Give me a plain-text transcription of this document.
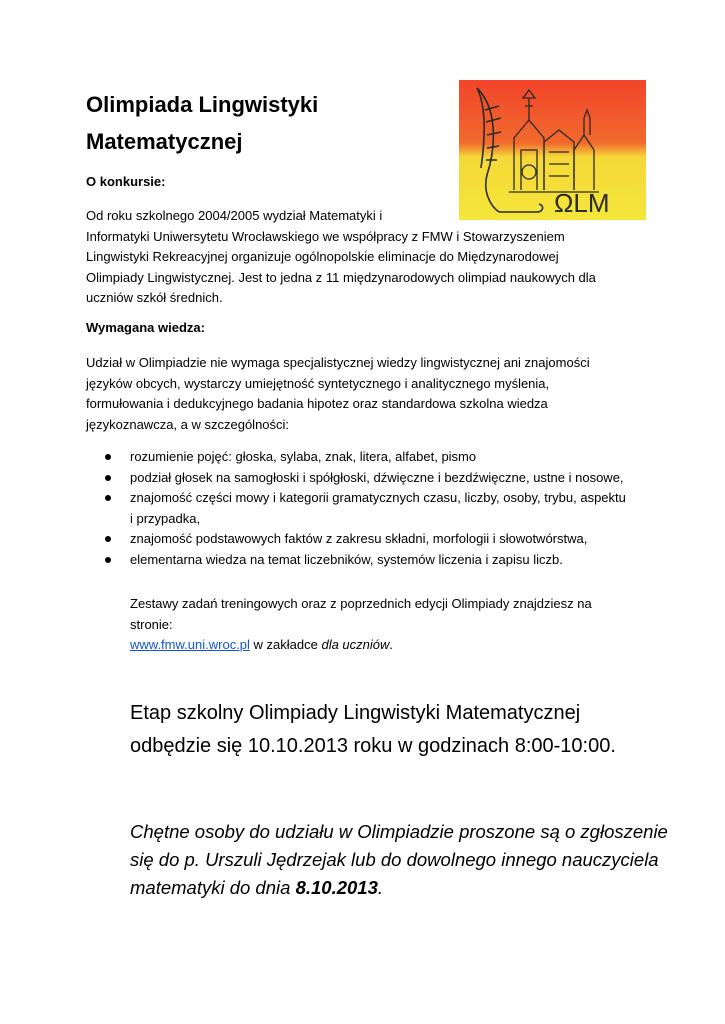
Olimpiada Lingwistyki
Matematycznej
ΩLM

O konkursie:

Od roku szkolnego 2004/2005 wydział Matematyki i
Informatyki Uniwersytetu Wrocławskiego we współpracy z FMW i Stowarzyszeniem
Lingwistyki Rekreacyjnej organizuje ogólnopolskie eliminacje do Międzynarodowej
Olimpiady Lingwistycznej. Jest to jedna z 11 międzynarodowych olimpiad naukowych dla
uczniów szkół średnich.

Wymagana wiedza:

Udział w Olimpiadzie nie wymaga specjalistycznej wiedzy lingwistycznej ani znajomości
języków obcych, wystarczy umiejętność syntetycznego i analitycznego myślenia,
formułowania i dedukcyjnego badania hipotez oraz standardowa szkolna wiedza
językoznawcza, a w szczególności:

rozumienie pojęć: głoska, sylaba, znak, litera, alfabet, pismo
podział głosek na samogłoski i spółgłoski, dźwięczne i bezdźwięczne, ustne i nosowe,
znajomość części mowy i kategorii gramatycznych czasu, liczby, osoby, trybu, aspektu
i przypadka,
znajomość podstawowych faktów z zakresu składni, morfologii i słowotwórstwa,
elementarna wiedza na temat liczebników, systemów liczenia i zapisu liczb.

Zestawy zadań treningowych oraz z poprzednich edycji Olimpiady znajdziesz na
stronie:
www.fmw.uni.wroc.pl w zakładce dla uczniów.

Etap szkolny Olimpiady Lingwistyki Matematycznej
odbędzie się 10.10.2013 roku w godzinach 8:00-10:00.

Chętne osoby do udziału w Olimpiadzie proszone są o zgłoszenie
się do p. Urszuli Jędrzejak lub do dowolnego innego nauczyciela
matematyki do dnia 8.10.2013.
